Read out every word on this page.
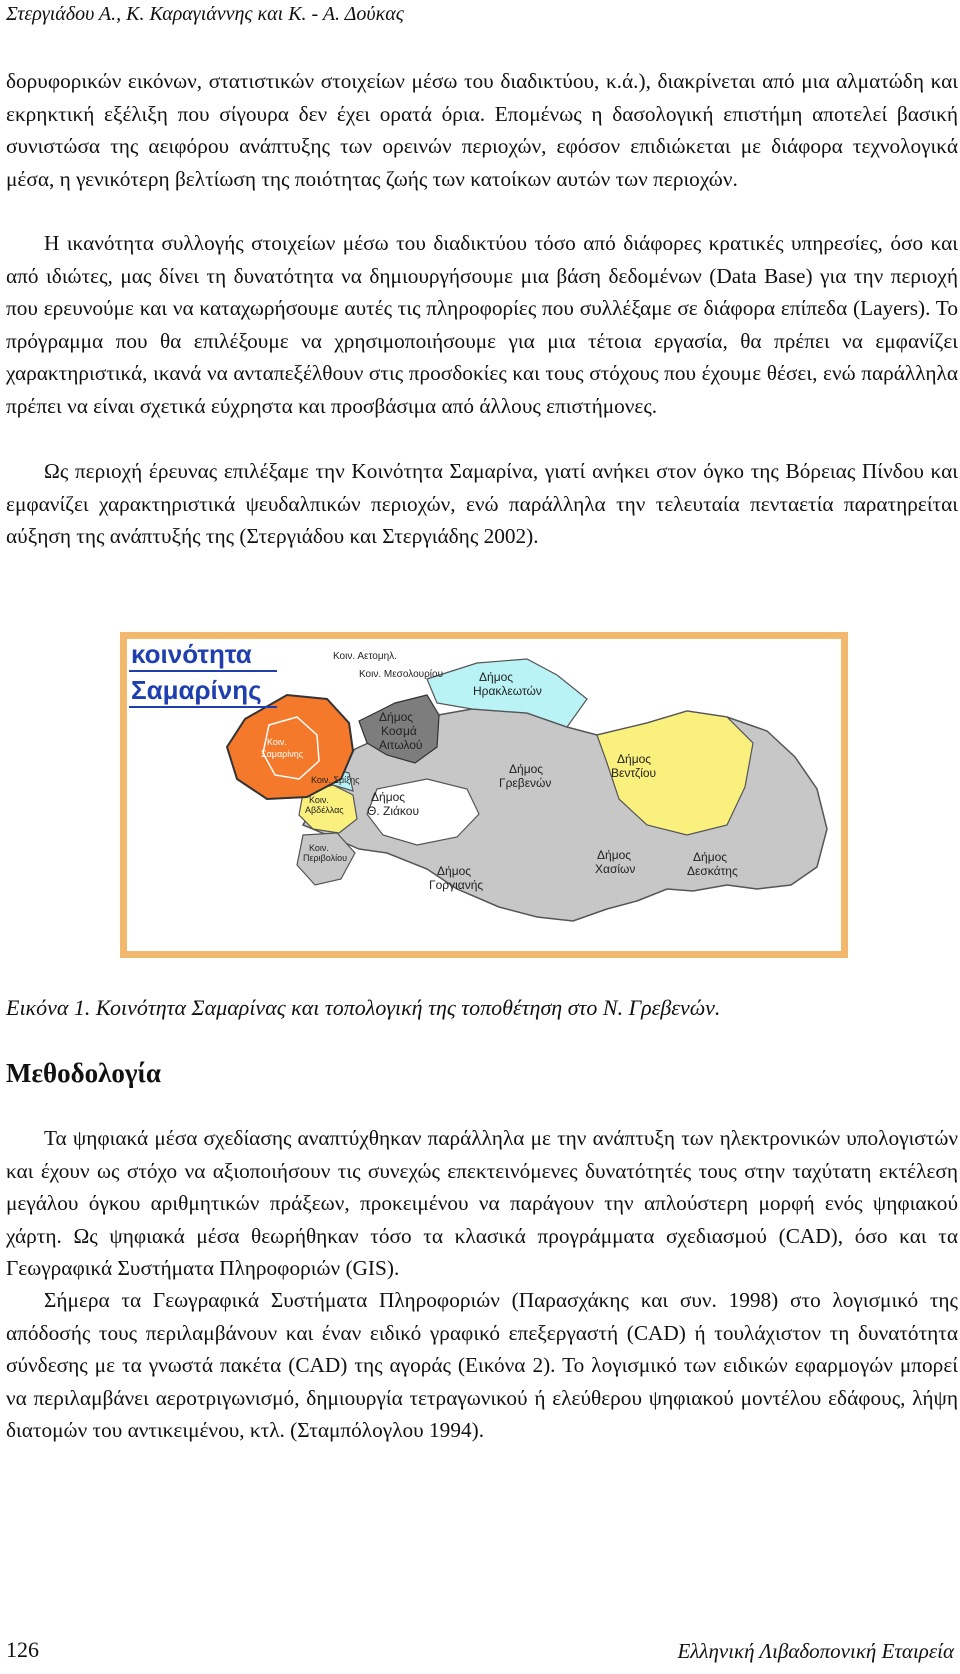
Στεργιάδου Α., Κ. Καραγιάννης και Κ. - Α. Δούκας

δορυφορικών εικόνων, στατιστικών στοιχείων μέσω του διαδικτύου, κ.ά.), διακρίνεται από μια αλματώδη και εκρηκτική εξέλιξη που σίγουρα δεν έχει ορατά όρια. Επομένως η δασολογική επιστήμη αποτελεί βασική συνιστώσα της αειφόρου ανάπτυξης των ορεινών περιοχών, εφόσον επιδιώκεται με διάφορα τεχνολογικά μέσα, η γενικότερη βελτίωση της ποιότητας ζωής των κατοίκων αυτών των περιοχών.

Η ικανότητα συλλογής στοιχείων μέσω του διαδικτύου τόσο από διάφορες κρατικές υπηρεσίες, όσο και από ιδιώτες, μας δίνει τη δυνατότητα να δημιουργήσουμε μια βάση δεδομένων (Data Base) για την περιοχή που ερευνούμε και να καταχωρήσουμε αυτές τις πληροφορίες που συλλέξαμε σε διάφορα επίπεδα (Layers). Το πρόγραμμα που θα επιλέξουμε να χρησιμοποιήσουμε για μια τέτοια εργασία, θα πρέπει να εμφανίζει χαρακτηριστικά, ικανά να ανταπεξέλθουν στις προσδοκίες και τους στόχους που έχουμε θέσει, ενώ παράλληλα πρέπει να είναι σχετικά εύχρηστα και προσβάσιμα από άλλους επιστήμονες.

Ως περιοχή έρευνας επιλέξαμε την Κοινότητα Σαμαρίνα, γιατί ανήκει στον όγκο της Βόρειας Πίνδου και εμφανίζει χαρακτηριστικά ψευδαλπικών περιοχών, ενώ παράλληλα την τελευταία πενταετία παρατηρείται αύξηση της ανάπτυξής της (Στεργιάδου και Στεργιάδης 2002).

κοινότητα
Σαμαρίνης
Κοιν. Αετομηλ.
Κοιν. Μεσολουρίου	Δήμος
Ηρακλεωτών
Κοιν.
Σαμαρίνης
Δήμος
Κοσμά
Αιτωλού
Δήμος
Γρεβενών
Δήμος
Βεντζίου
Κοιν. Σμίξης
Κοιν.
Αβδέλλας
Δήμος
Θ. Ζιάκου
Κοιν.
Περιβολίου	Δήμος
Χασίων
Δήμος
Δεσκάτης
Δήμος
Γοργιανής
Εικόνα 1. Κοινότητα Σαμαρίνας και τοπολογική της τοποθέτηση στο Ν. Γρεβενών.
Μεθοδολογία

Τα ψηφιακά μέσα σχεδίασης αναπτύχθηκαν παράλληλα με την ανάπτυξη των ηλεκτρονικών υπολογιστών και έχουν ως στόχο να αξιοποιήσουν τις συνεχώς επεκτεινόμενες δυνατότητές τους στην ταχύτατη εκτέλεση μεγάλου όγκου αριθμητικών πράξεων, προκειμένου να παράγουν την απλούστερη μορφή ενός ψηφιακού χάρτη. Ως ψηφιακά μέσα θεωρήθηκαν τόσο τα κλασικά προγράμματα σχεδιασμού (CAD), όσο και τα Γεωγραφικά Συστήματα Πληροφοριών (GIS).

Σήμερα τα Γεωγραφικά Συστήματα Πληροφοριών (Παρασχάκης και συν. 1998) στο λογισμικό της απόδοσής τους περιλαμβάνουν και έναν ειδικό γραφικό επεξεργαστή (CAD) ή τουλάχιστον τη δυνατότητα σύνδεσης με τα γνωστά πακέτα (CAD) της αγοράς (Εικόνα 2). Το λογισμικό των ειδικών εφαρμογών μπορεί να περιλαμβάνει αεροτριγωνισμό, δημιουργία τετραγωνικού ή ελεύθερου ψηφιακού μοντέλου εδάφους, λήψη διατομών του αντικειμένου, κτλ. (Σταμπόλογλου 1994).

126	Ελληνική Λιβαδοπονική Εταιρεία
